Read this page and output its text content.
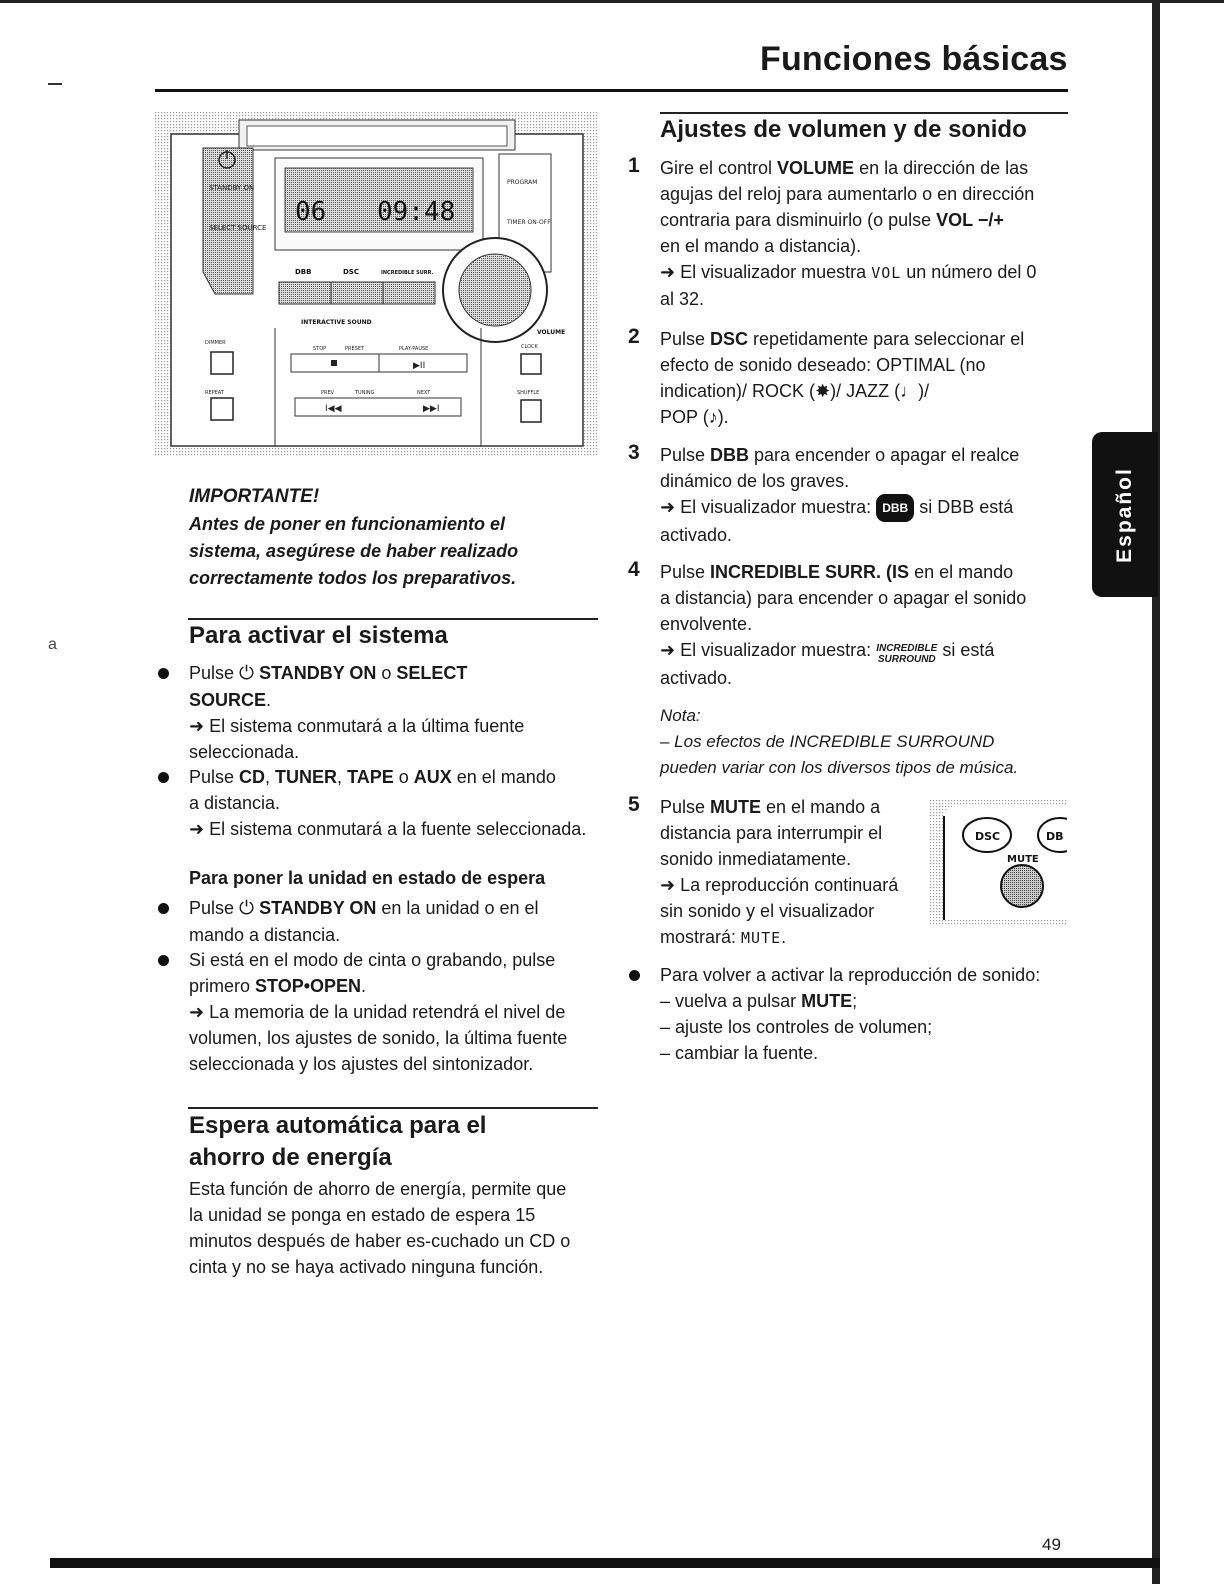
a
Funciones básicas
STANDBY ON
SELECT SOURCE
06 09:48
PROGRAM
TIMER ON-OFF
DBB	DSC	INCREDIBLE SURR.
INTERACTIVE SOUND
VOLUME
STOP	PRESET	PLAY-PAUSE
▶II
PREV	TUNING	NEXT
I◀◀	▶▶I
DIMMER
REPEAT
CLOCK
SHUFFLE
IMPORTANTE!
Antes de poner en funcionamiento el
sistema, asegúrese de haber realizado
correctamente todos los preparativos.
Para activar el sistema
Pulse ⏻ STANDBY ON o SELECT
SOURCE.
➜ El sistema conmutará a la última fuente
seleccionada.
Pulse CD, TUNER, TAPE o AUX en el mando
a distancia.
➜ El sistema conmutará a la fuente seleccionada.
Para poner la unidad en estado de espera
Pulse ⏻ STANDBY ON en la unidad o en el
mando a distancia.
Si está en el modo de cinta o grabando, pulse
primero STOP•OPEN.
➜ La memoria de la unidad retendrá el nivel de
volumen, los ajustes de sonido, la última fuente
seleccionada y los ajustes del sintonizador.
Espera automática para el
ahorro de energía
Esta función de ahorro de energía, permite que
la unidad se ponga en estado de espera 15
minutos después de haber es-cuchado un CD o
cinta y no se haya activado ninguna función.
Ajustes de volumen y de sonido
1 Gire el control VOLUME en la dirección de las
agujas del reloj para aumentarlo o en dirección
contraria para disminuirlo (o pulse VOL −/+
en el mando a distancia).
➜ El visualizador muestra VOL un número del 0
al 32.
2 Pulse DSC repetidamente para seleccionar el
efecto de sonido deseado: OPTIMAL (no
indication)/ ROCK (✸)/ JAZZ (♩)/
POP (♪).
3 Pulse DBB para encender o apagar el realce
dinámico de los graves.
➜ El visualizador muestra: DBB si DBB está
activado.
4 Pulse INCREDIBLE SURR. (IS en el mando
a distancia) para encender o apagar el sonido
envolvente.
➜ El visualizador muestra: INCREDIBLE
SURROUND si está
activado.
Nota:
– Los efectos de INCREDIBLE SURROUND
pueden variar con los diversos tipos de música.
5 Pulse MUTE en el mando a
distancia para interrumpir el
sonido inmediatamente.
➜ La reproducción continuará
sin sonido y el visualizador
mostrará: MUTE.
DSC	DB
MUTE
Para volver a activar la reproducción de sonido:
– vuelva a pulsar MUTE;
– ajuste los controles de volumen;
– cambiar la fuente.
Español
49
